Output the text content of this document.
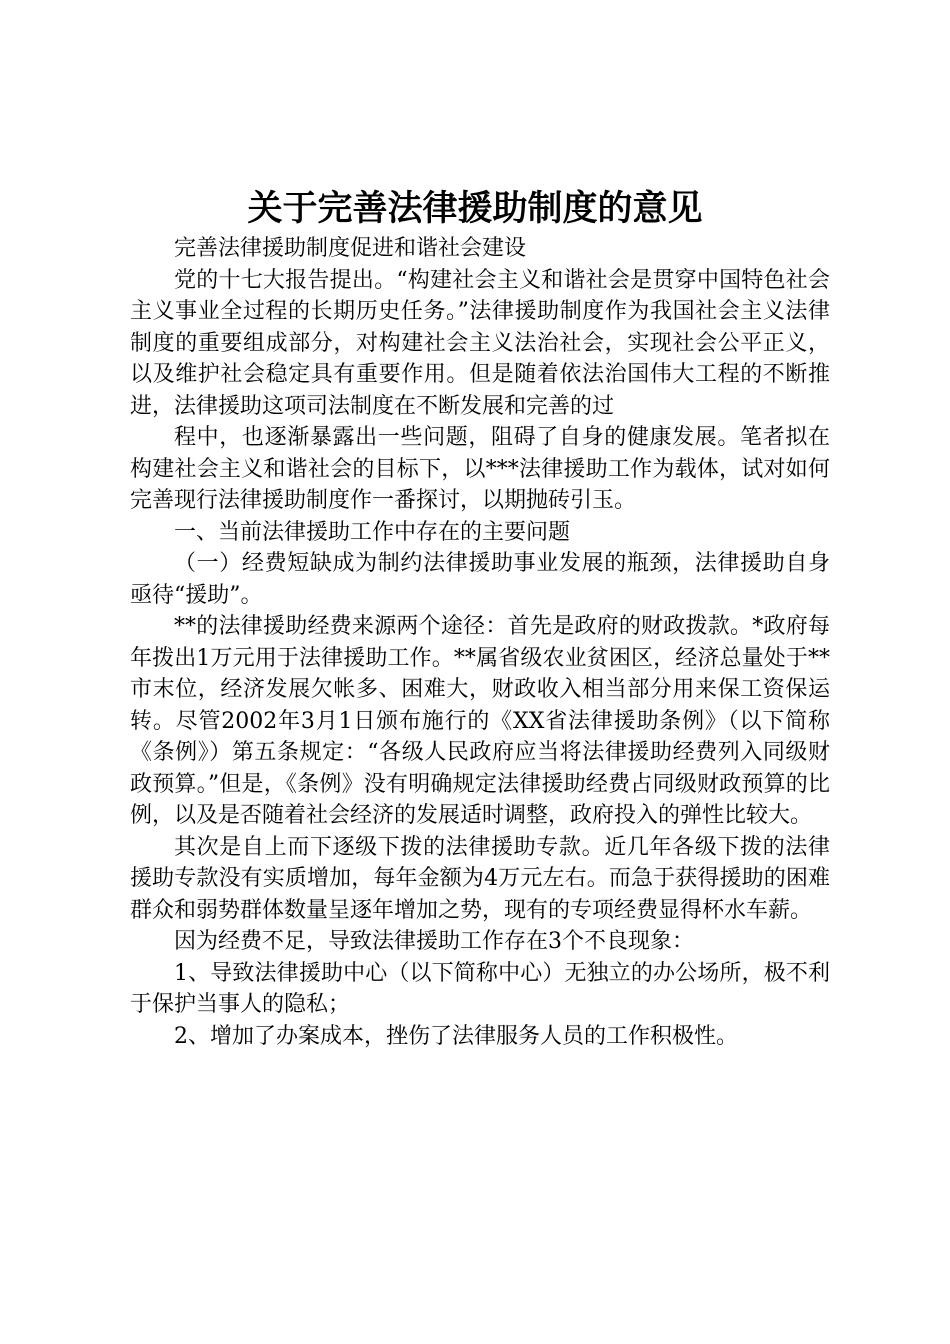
关于完善法律援助制度的意见

完善法律援助制度促进和谐社会建设

党的十七大报告提出。“构建社会主义和谐社会是贯穿中国特色社会主义事业全过程的长期历史任务。”法律援助制度作为我国社会主义法律制度的重要组成部分，对构建社会主义法治社会，实现社会公平正义，以及维护社会稳定具有重要作用。但是随着依法治国伟大工程的不断推进，法律援助这项司法制度在不断发展和完善的过

程中，也逐渐暴露出一些问题，阻碍了自身的健康发展。笔者拟在构建社会主义和谐社会的目标下，以***法律援助工作为载体，试对如何完善现行法律援助制度作一番探讨，以期抛砖引玉。

一、当前法律援助工作中存在的主要问题

（一）经费短缺成为制约法律援助事业发展的瓶颈，法律援助自身亟待“援助”。

**的法律援助经费来源两个途径：首先是政府的财政拨款。*政府每年拨出1万元用于法律援助工作。**属省级农业贫困区，经济总量处于**市末位，经济发展欠帐多、困难大，财政收入相当部分用来保工资保运转。尽管2002年3月1日颁布施行的《XX省法律援助条例》（以下简称《条例》）第五条规定：“各级人民政府应当将法律援助经费列入同级财政预算。”但是，《条例》没有明确规定法律援助经费占同级财政预算的比例，以及是否随着社会经济的发展适时调整，政府投入的弹性比较大。

其次是自上而下逐级下拨的法律援助专款。近几年各级下拨的法律援助专款没有实质增加，每年金额为4万元左右。而急于获得援助的困难群众和弱势群体数量呈逐年增加之势，现有的专项经费显得杯水车薪。

因为经费不足，导致法律援助工作存在3个不良现象：

1、导致法律援助中心（以下简称中心）无独立的办公场所，极不利于保护当事人的隐私；

2、增加了办案成本，挫伤了法律服务人员的工作积极性。
